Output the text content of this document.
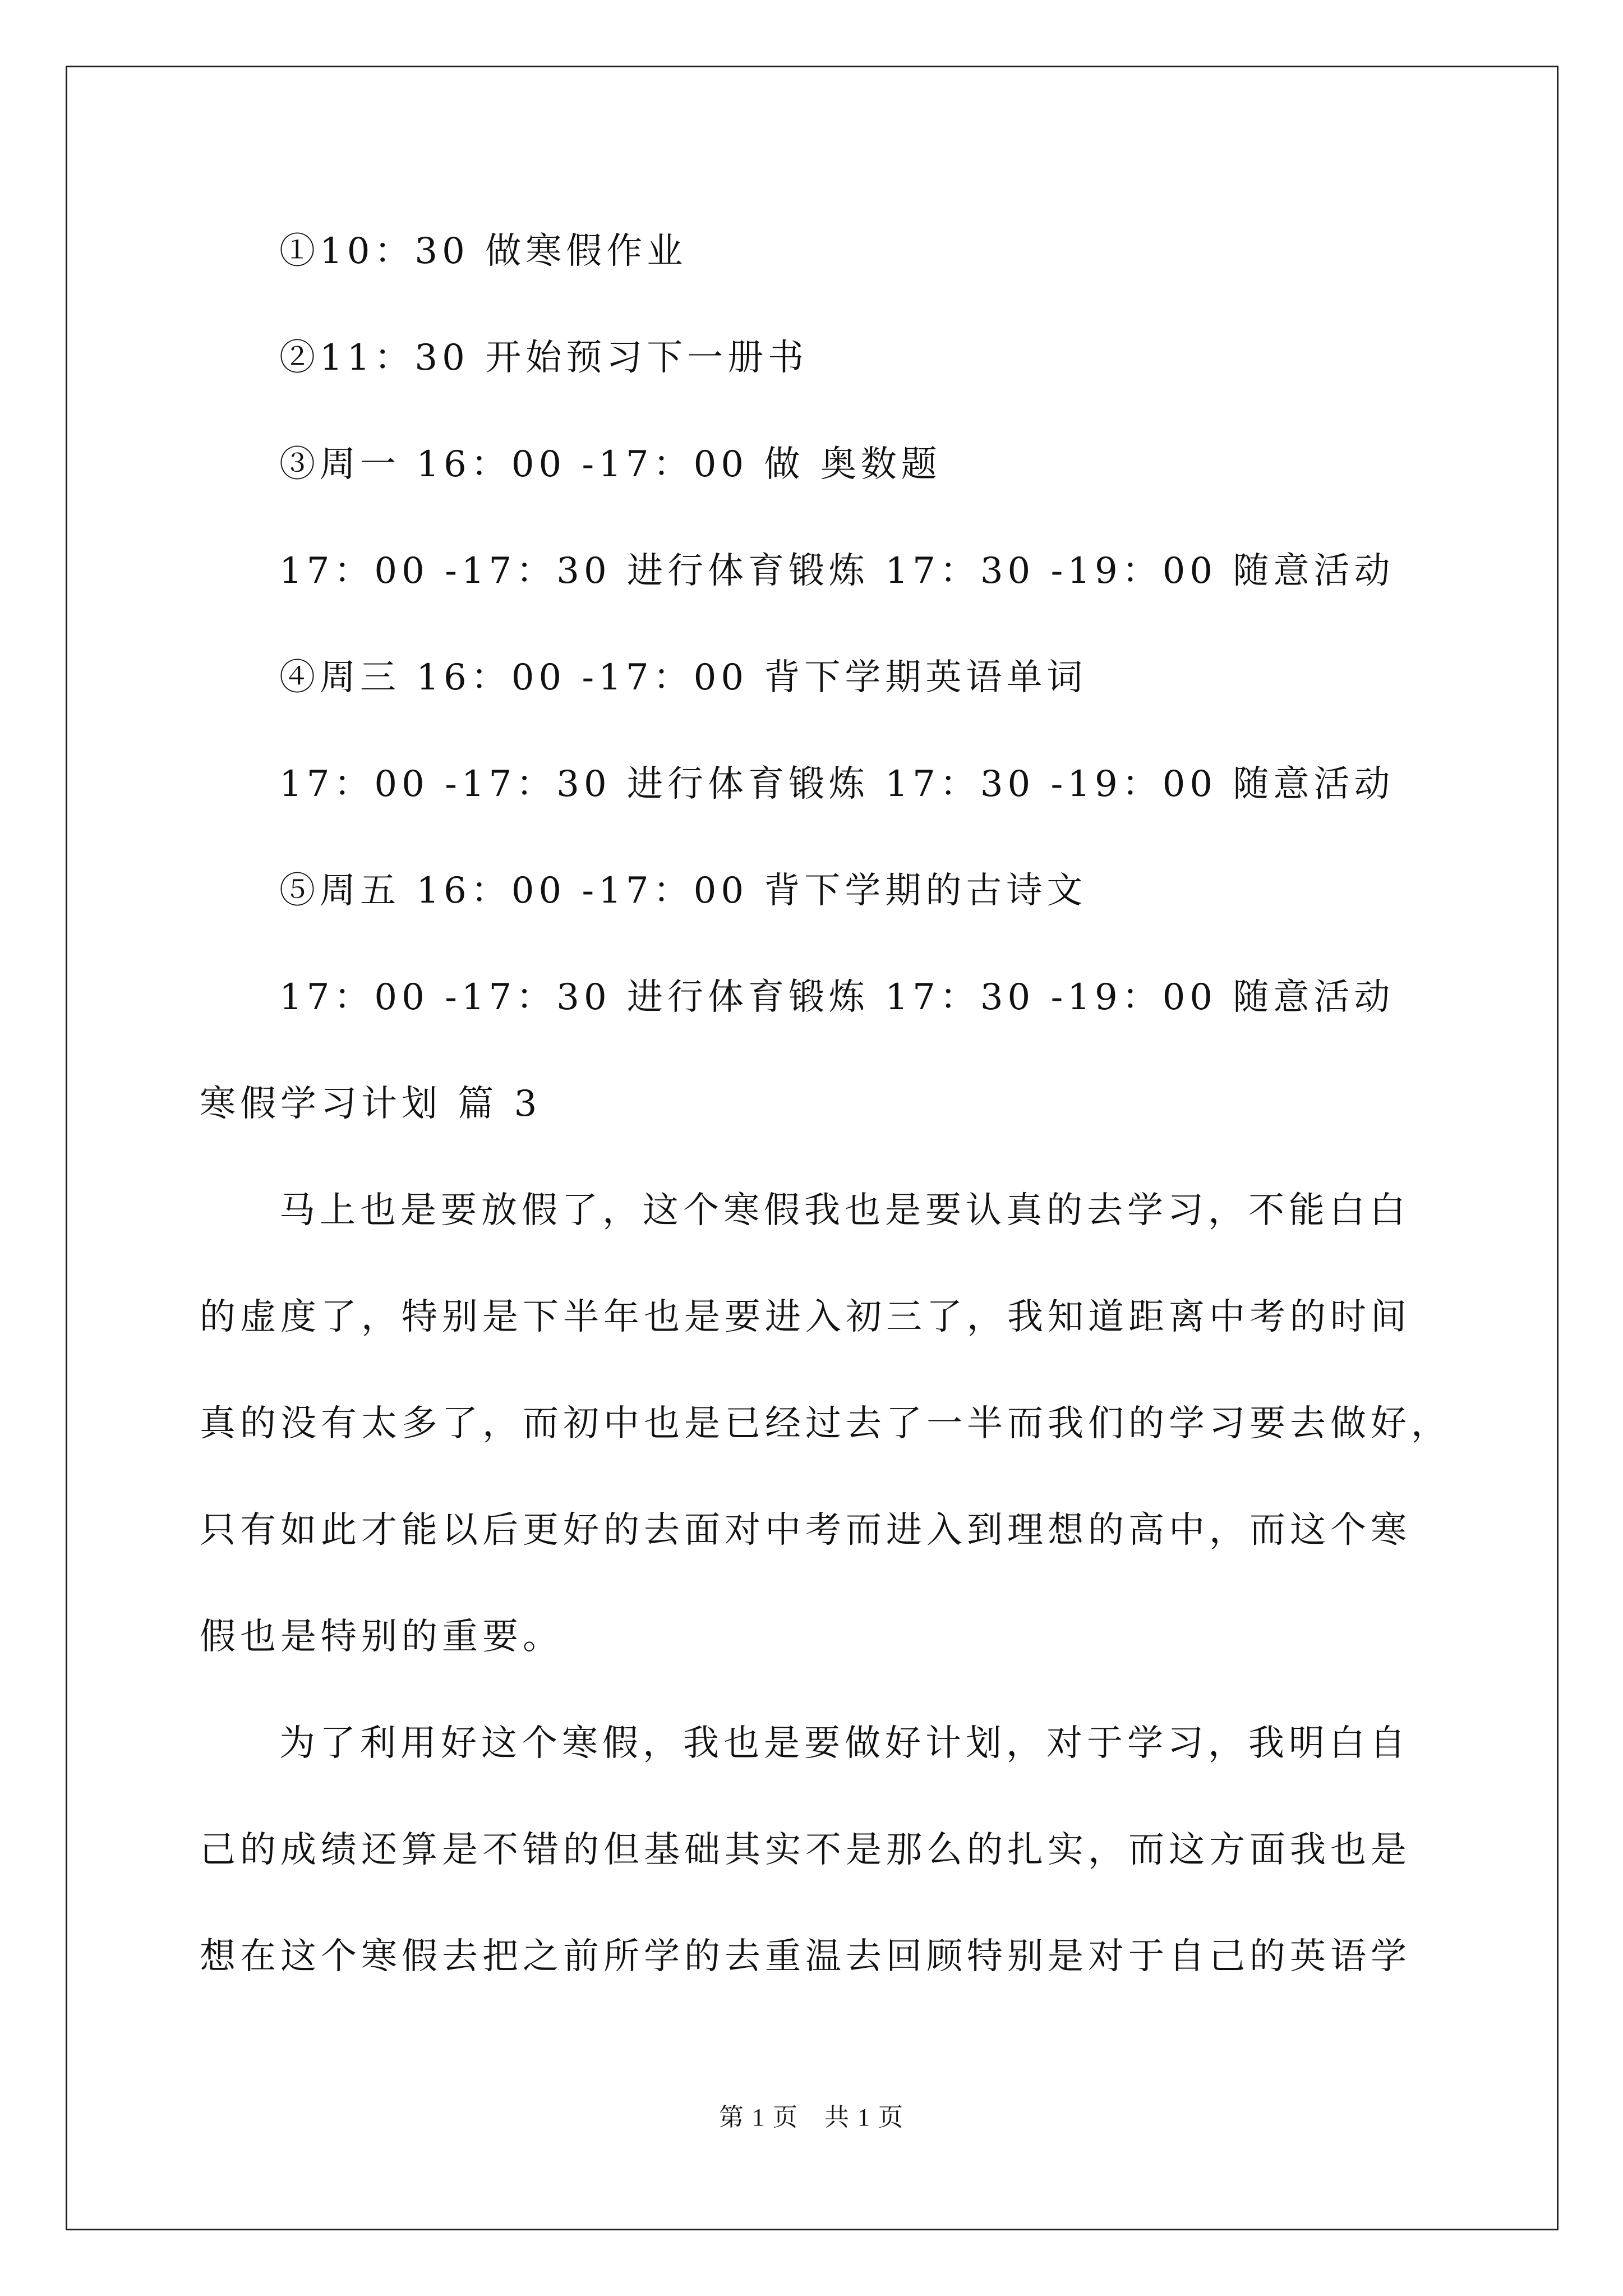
①10：30 做寒假作业
②11：30 开始预习下一册书
③周一 16：00 -17：00 做 奥数题
17：00 -17：30 进行体育锻炼 17：30 -19：00 随意活动
④周三 16：00 -17：00 背下学期英语单词
17：00 -17：30 进行体育锻炼 17：30 -19：00 随意活动
⑤周五 16：00 -17：00 背下学期的古诗文
17：00 -17：30 进行体育锻炼 17：30 -19：00 随意活动
寒假学习计划 篇 3
马上也是要放假了，这个寒假我也是要认真的去学习，不能白白
的虚度了，特别是下半年也是要进入初三了，我知道距离中考的时间
真的没有太多了，而初中也是已经过去了一半而我们的学习要去做好，
只有如此才能以后更好的去面对中考而进入到理想的高中，而这个寒
假也是特别的重要。
为了利用好这个寒假，我也是要做好计划，对于学习，我明白自
己的成绩还算是不错的但基础其实不是那么的扎实，而这方面我也是
想在这个寒假去把之前所学的去重温去回顾特别是对于自己的英语学
第 1 页　共 1 页
